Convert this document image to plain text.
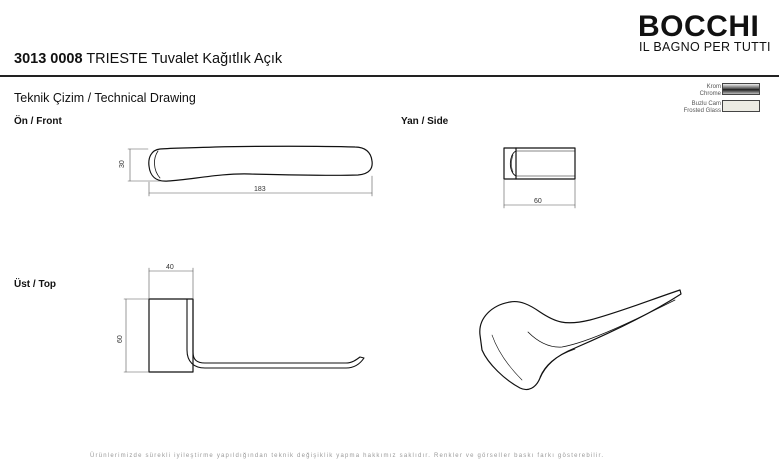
BOCCHI
IL BAGNO PER TUTTI
3013 0008 TRIESTE Tuvalet Kağıtlık Açık
Teknik Çizim / Technical Drawing
Krom
Chrome
Buzlu Cam
Frosted Glass
Ön / Front	Yan / Side
Üst / Top
30
183
60
40
60
Ürünlerimizde sürekli iyileştirme yapıldığından teknik değişiklik yapma hakkımız saklıdır. Renkler ve görseller baskı farkı gösterebilir.
